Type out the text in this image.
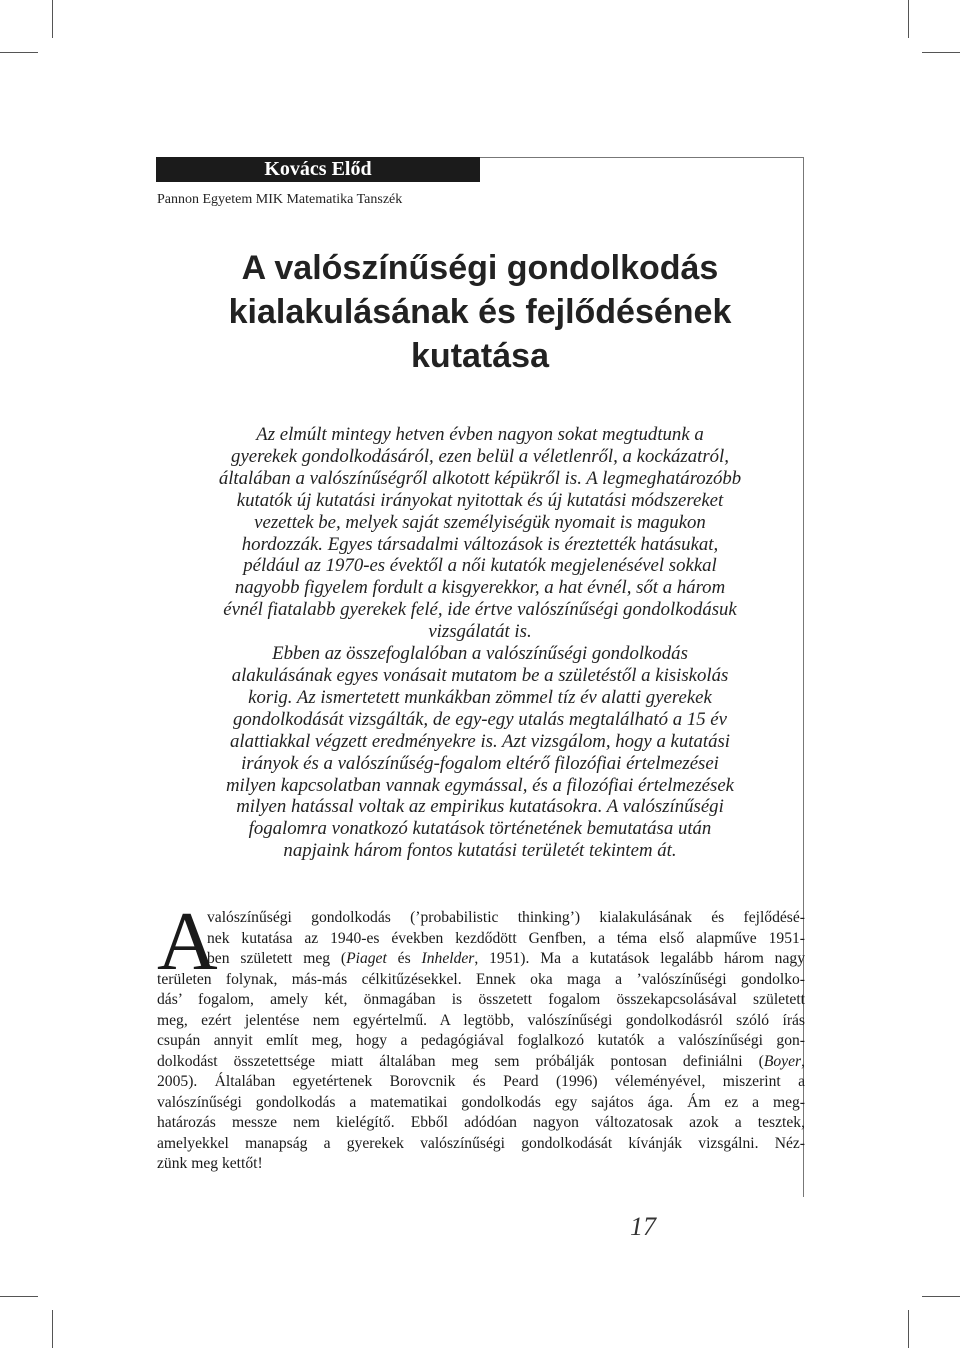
Kovács Előd
Pannon Egyetem MIK Matematika Tanszék
A valószínűségi gondolkodás
kialakulásának és fejlődésének
kutatása
Az elmúlt mintegy hetven évben nagyon sokat megtudtunk a
gyerekek gondolkodásáról, ezen belül a véletlenről, a kockázatról,
általában a valószínűségről alkotott képükről is. A legmeghatározóbb
kutatók új kutatási irányokat nyitottak és új kutatási módszereket
vezettek be, melyek saját személyiségük nyomait is magukon
hordozzák. Egyes társadalmi változások is éreztették hatásukat,
például az 1970-es évektől a női kutatók megjelenésével sokkal
nagyobb figyelem fordult a kisgyerekkor, a hat évnél, sőt a három
évnél fiatalabb gyerekek felé, ide értve valószínűségi gondolkodásuk
vizsgálatát is.
Ebben az összefoglalóban a valószínűségi gondolkodás
alakulásának egyes vonásait mutatom be a születéstől a kisiskolás
korig. Az ismertetett munkákban zömmel tíz év alatti gyerekek
gondolkodását vizsgálták, de egy-egy utalás megtalálható a 15 év
alattiakkal végzett eredményekre is. Azt vizsgálom, hogy a kutatási
irányok és a valószínűség-fogalom eltérő filozófiai értelmezései
milyen kapcsolatban vannak egymással, és a filozófiai értelmezések
milyen hatással voltak az empirikus kutatásokra. A valószínűségi
fogalomra vonatkozó kutatások történetének bemutatása után
napjaink három fontos kutatási területét tekintem át.
A
valószínűségi gondolkodás (’probabilistic thinking’) kialakulásának és fejlődésé-
nek kutatása az 1940-es években kezdődött Genfben, a téma első alapműve 1951-
ben született meg (Piaget és Inhelder, 1951). Ma a kutatások legalább három nagy
területen folynak, más-más célkitűzésekkel. Ennek oka maga a ’valószínűségi gondolko-
dás’ fogalom, amely két, önmagában is összetett fogalom összekapcsolásával született
meg, ezért jelentése nem egyértelmű. A legtöbb, valószínűségi gondolkodásról szóló írás
csupán annyit említ meg, hogy a pedagógiával foglalkozó kutatók a valószínűségi gon-
dolkodást összetettsége miatt általában meg sem próbálják pontosan definiálni (Boyer,
2005). Általában egyetértenek Borovcnik és Peard (1996) véleményével, miszerint a
valószínűségi gondolkodás a matematikai gondolkodás egy sajátos ága. Ám ez a meg-
határozás messze nem kielégítő. Ebből adódóan nagyon változatosak azok a tesztek,
amelyekkel manapság a gyerekek valószínűségi gondolkodását kívánják vizsgálni. Néz-
zünk meg kettőt!
17
